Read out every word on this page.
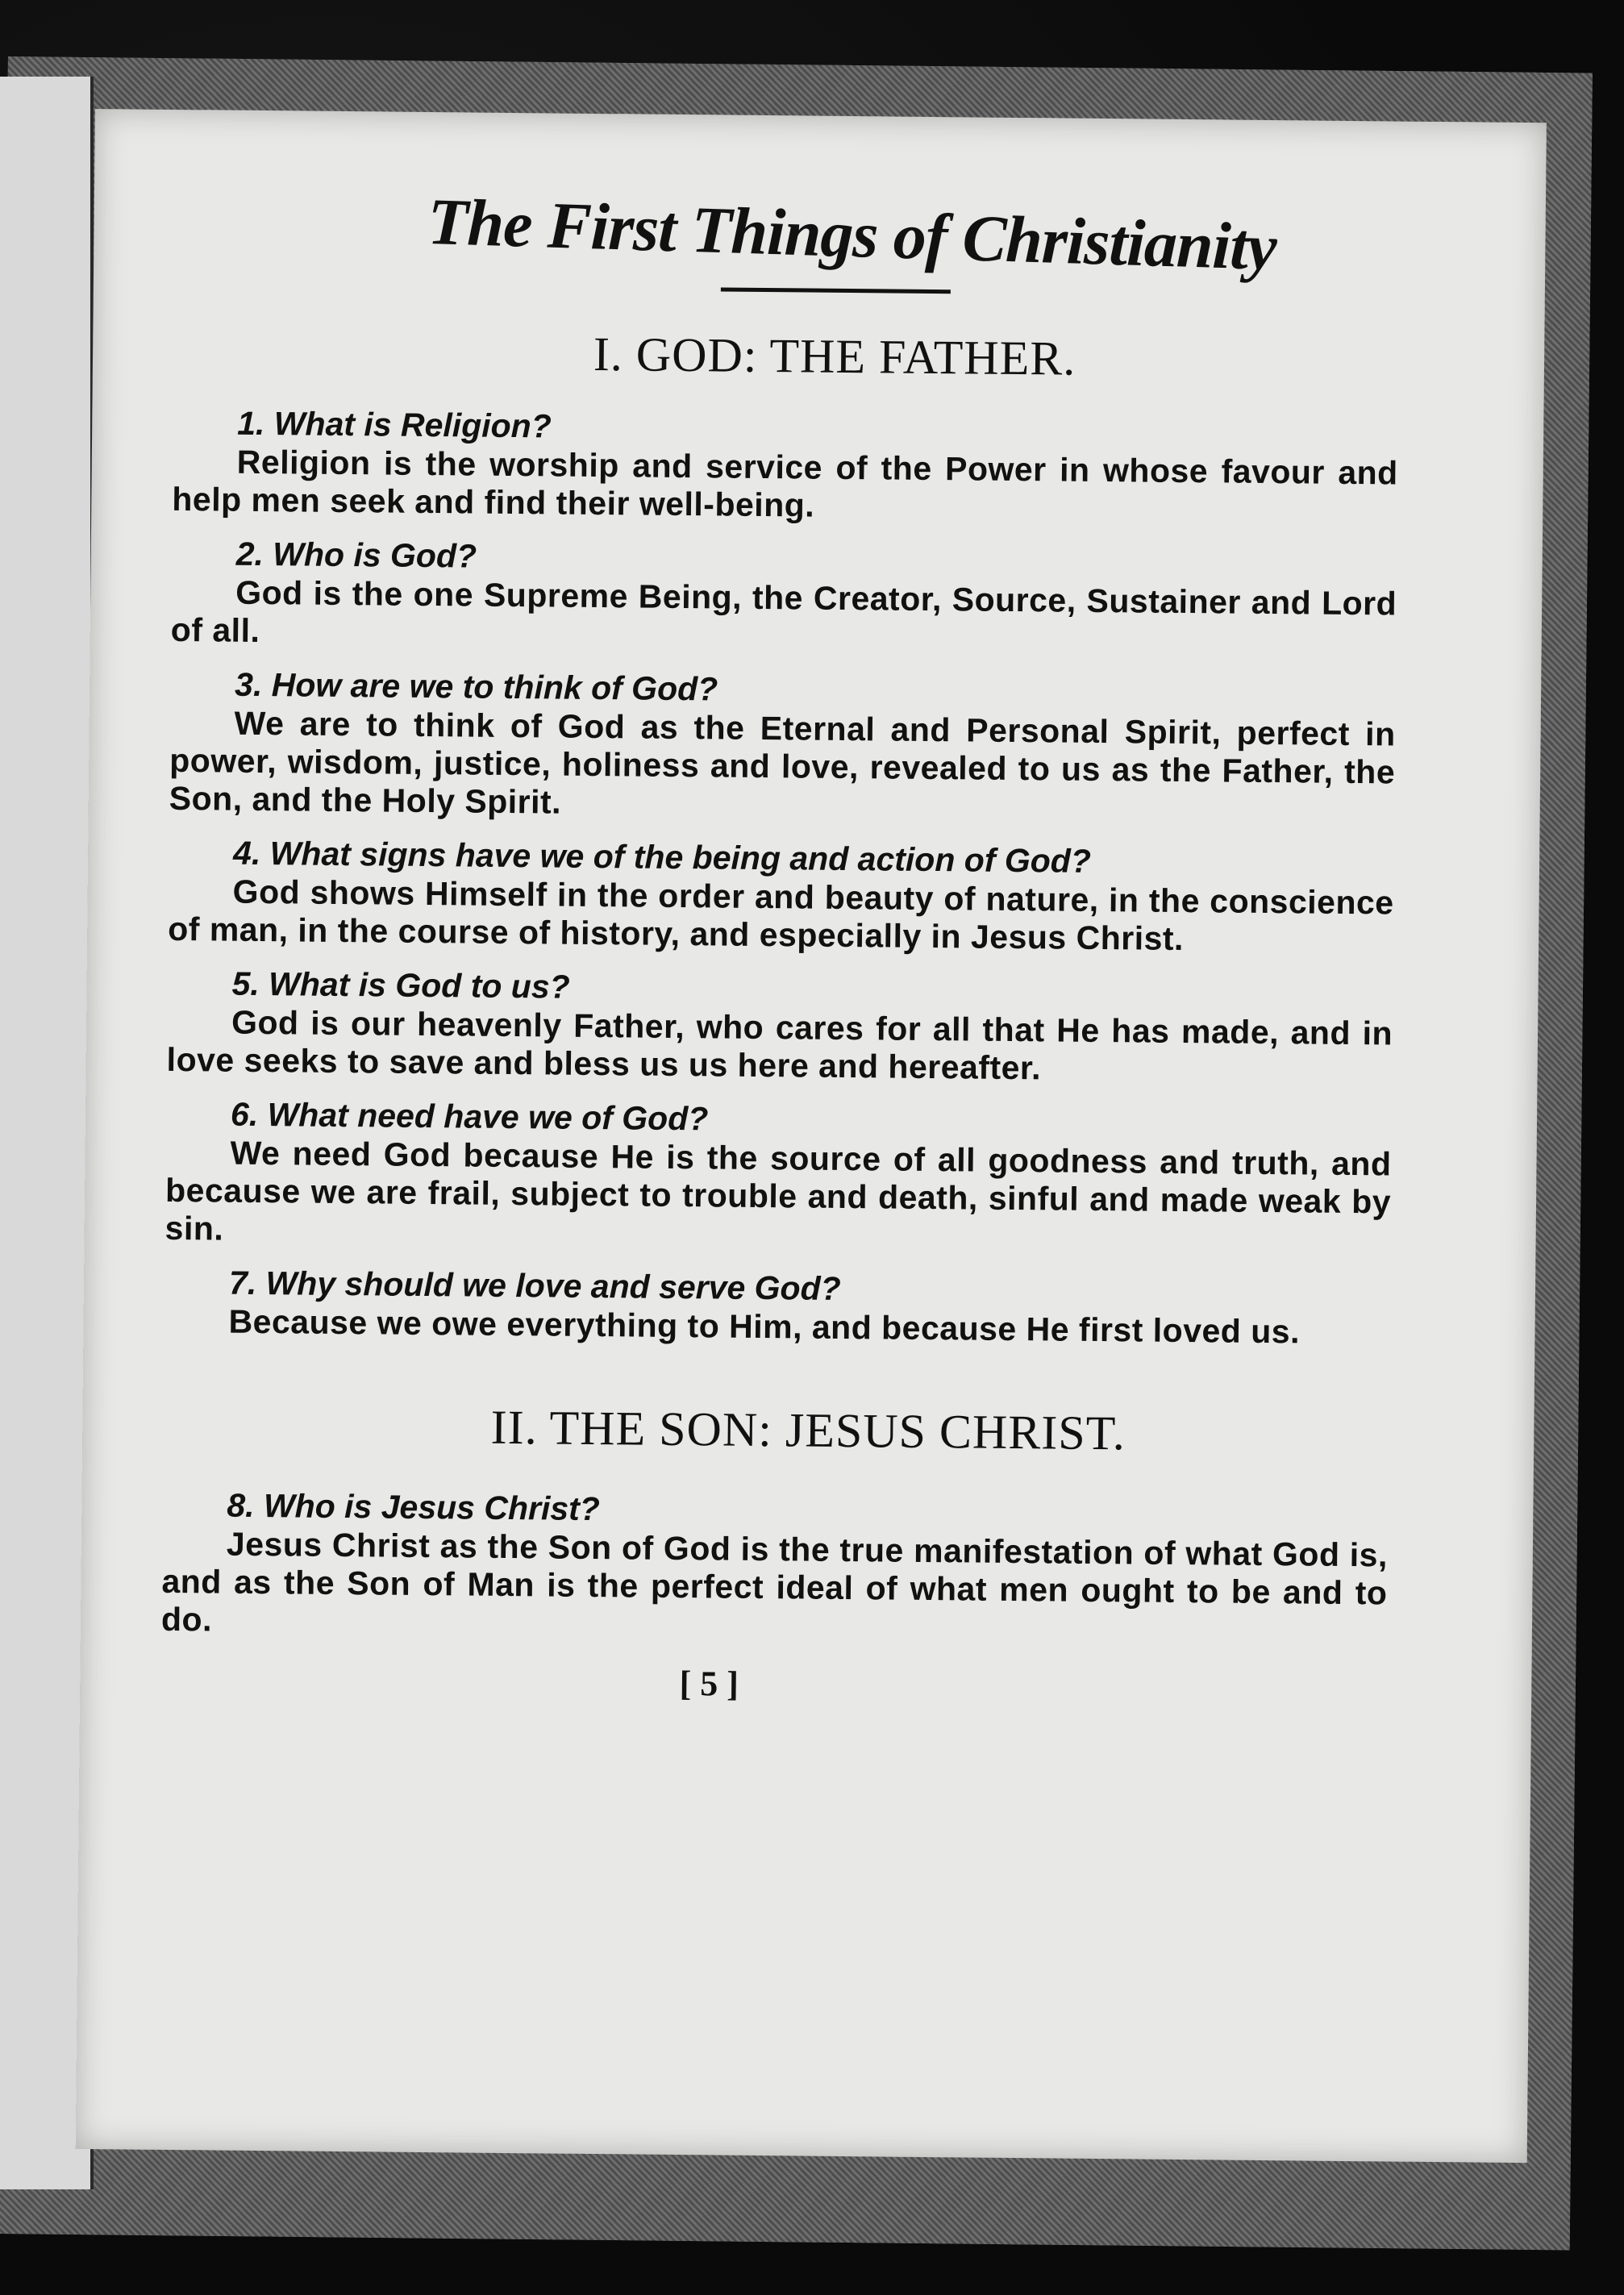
The First Things of Christianity
I. GOD: THE FATHER.

1. What is Religion?

Religion is the worship and service of the Power in whose favour and help men seek and find their well-being.

2. Who is God?

God is the one Supreme Being, the Creator, Source, Sustainer and Lord of all.

3. How are we to think of God?

We are to think of God as the Eternal and Personal Spirit, perfect in power, wisdom, justice, holiness and love, revealed to us as the Father, the Son, and the Holy Spirit.

4. What signs have we of the being and action of God?

God shows Himself in the order and beauty of nature, in the conscience of man, in the course of history, and especially in Jesus Christ.

5. What is God to us?

God is our heavenly Father, who cares for all that He has made, and in love seeks to save and bless us us here and hereafter.

6. What need have we of God?

We need God because He is the source of all goodness and truth, and because we are frail, subject to trouble and death, sinful and made weak by sin.

7. Why should we love and serve God?

Because we owe everything to Him, and because He first loved us.

II. THE SON: JESUS CHRIST.

8. Who is Jesus Christ?

Jesus Christ as the Son of God is the true manifestation of what God is, and as the Son of Man is the perfect ideal of what men ought to be and to do.

[ 5 ]
